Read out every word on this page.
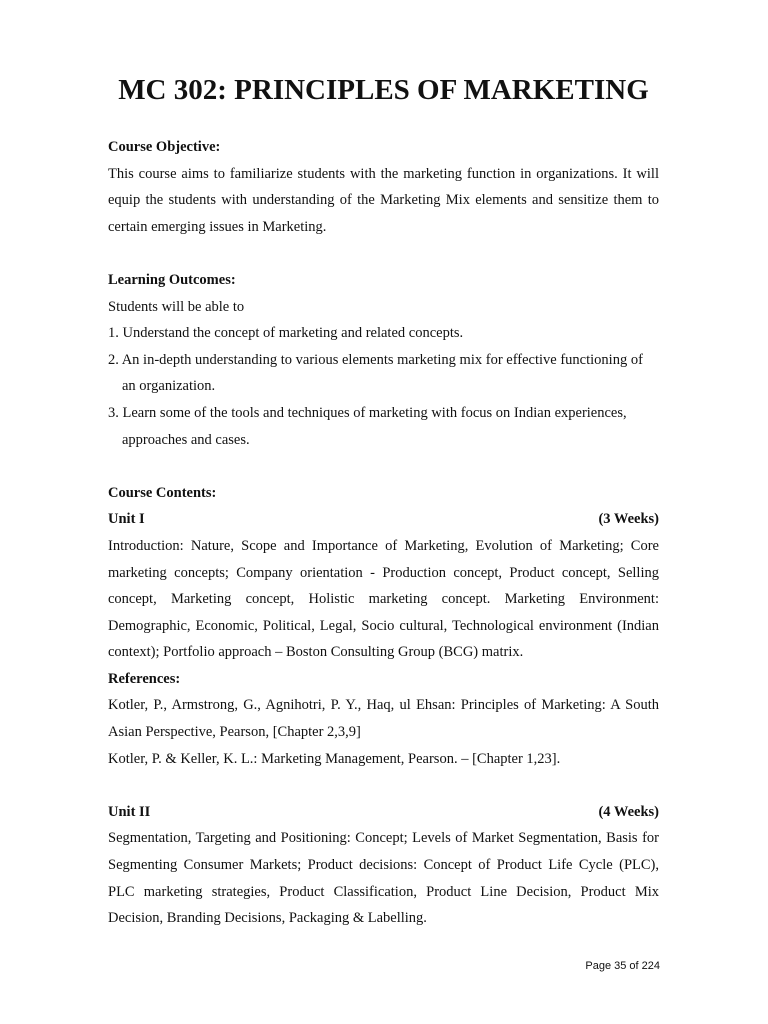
MC 302: PRINCIPLES OF MARKETING

Course Objective:

This course aims to familiarize students with the marketing function in organizations. It will equip the students with understanding of the Marketing Mix elements and sensitize them to certain emerging issues in Marketing.

Learning Outcomes:

Students will be able to

1. Understand the concept of marketing and related concepts.

2. An in-depth understanding to various elements marketing mix for effective functioning of an organization.

3. Learn some of the tools and techniques of marketing with focus on Indian experiences, approaches and cases.

Course Contents:

Unit I	(3 Weeks)

Introduction: Nature, Scope and Importance of Marketing, Evolution of Marketing; Core marketing concepts; Company orientation - Production concept, Product concept, Selling concept, Marketing concept, Holistic marketing concept. Marketing Environment: Demographic, Economic, Political, Legal, Socio cultural, Technological environment (Indian context); Portfolio approach – Boston Consulting Group (BCG) matrix.

References:

Kotler, P., Armstrong, G., Agnihotri, P. Y., Haq, ul Ehsan: Principles of Marketing: A South Asian Perspective, Pearson, [Chapter 2,3,9]

Kotler, P. & Keller, K. L.: Marketing Management, Pearson. – [Chapter 1,23].

Unit II	(4 Weeks)

Segmentation, Targeting and Positioning: Concept; Levels of Market Segmentation, Basis for Segmenting Consumer Markets; Product decisions: Concept of Product Life Cycle (PLC), PLC marketing strategies, Product Classification, Product Line Decision, Product Mix Decision, Branding Decisions, Packaging & Labelling.

Page 35 of 224
